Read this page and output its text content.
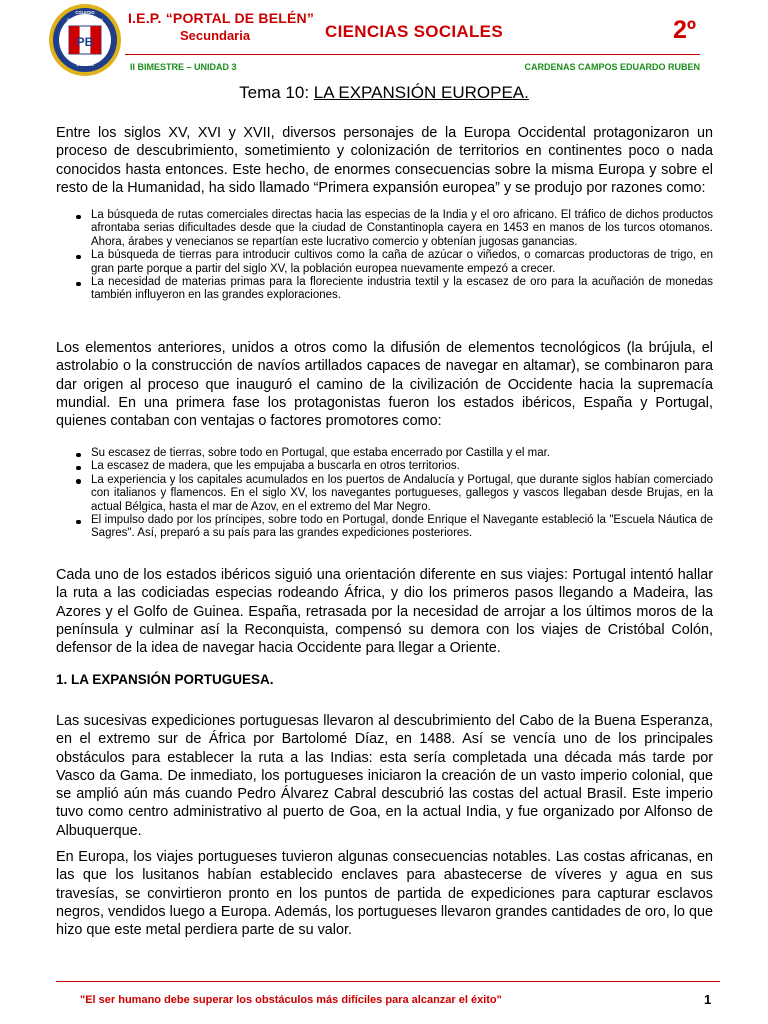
COLEGIO
PORTAL DE BELEN
PB
UGEL 03
I.E.P. “PORTAL DE BELÉN”
Secundaria	CIENCIAS SOCIALES	2º
II BIMESTRE – UNIDAD 3	CARDENAS CAMPOS EDUARDO RUBEN
Tema 10: LA EXPANSIÓN EUROPEA.

Entre los siglos XV, XVI y XVII, diversos personajes de la Europa Occidental protagonizaron un proceso de descubrimiento, sometimiento y colonización de territorios en continentes poco o nada conocidos hasta entonces. Este hecho, de enormes consecuencias sobre la misma Europa y sobre el resto de la Humanidad, ha sido llamado “Primera expansión europea” y se produjo por razones como:

La búsqueda de rutas comerciales directas hacia las especias de la India y el oro africano. El tráfico de dichos productos afrontaba serias dificultades desde que la ciudad de Constantinopla cayera en 1453 en manos de los turcos otomanos. Ahora, árabes y venecianos se repartían este lucrativo comercio y obtenían jugosas ganancias.
La búsqueda de tierras para introducir cultivos como la caña de azúcar o viñedos, o comarcas productoras de trigo, en gran parte porque a partir del siglo XV, la población europea nuevamente empezó a crecer.
La necesidad de materias primas para la floreciente industria textil y la escasez de oro para la acuñación de monedas también influyeron en las grandes exploraciones.

Los elementos anteriores, unidos a otros como la difusión de elementos tecnológicos (la brújula, el astrolabio o la construcción de navíos artillados capaces de navegar en altamar), se combinaron para dar origen al proceso que inauguró el camino de la civilización de Occidente hacia la supremacía mundial. En una primera fase los protagonistas fueron los estados ibéricos, España y Portugal, quienes contaban con ventajas o factores promotores como:

Su escasez de tierras, sobre todo en Portugal, que estaba encerrado por Castilla y el mar.
La escasez de madera, que les empujaba a buscarla en otros territorios.
La experiencia y los capitales acumulados en los puertos de Andalucía y Portugal, que durante siglos habían comerciado con italianos y flamencos. En el siglo XV, los navegantes portugueses, gallegos y vascos llegaban desde Brujas, en la actual Bélgica, hasta el mar de Azov, en el extremo del Mar Negro.
El impulso dado por los príncipes, sobre todo en Portugal, donde Enrique el Navegante estableció la "Escuela Náutica de Sagres". Así, preparó a su país para las grandes expediciones posteriores.

Cada uno de los estados ibéricos siguió una orientación diferente en sus viajes: Portugal intentó hallar la ruta a las codiciadas especias rodeando África, y dio los primeros pasos llegando a Madeira, las Azores y el Golfo de Guinea. España, retrasada por la necesidad de arrojar a los últimos moros de la península y culminar así la Reconquista, compensó su demora con los viajes de Cristóbal Colón, defensor de la idea de navegar hacia Occidente para llegar a Oriente.

1. LA EXPANSIÓN PORTUGUESA.

Las sucesivas expediciones portuguesas llevaron al descubrimiento del Cabo de la Buena Esperanza, en el extremo sur de África por Bartolomé Díaz, en 1488. Así se vencía uno de los principales obstáculos para establecer la ruta a las Indias: esta sería completada una década más tarde por Vasco da Gama. De inmediato, los portugueses iniciaron la creación de un vasto imperio colonial, que se amplió aún más cuando Pedro Álvarez Cabral descubrió las costas del actual Brasil. Este imperio tuvo como centro administrativo al puerto de Goa, en la actual India, y fue organizado por Alfonso de Albuquerque.

En Europa, los viajes portugueses tuvieron algunas consecuencias notables. Las costas africanas, en las que los lusitanos habían establecido enclaves para abastecerse de víveres y agua en sus travesías, se convirtieron pronto en los puntos de partida de expediciones para capturar esclavos negros, vendidos luego a Europa. Además, los portugueses llevaron grandes cantidades de oro, lo que hizo que este metal perdiera parte de su valor.

"El ser humano debe superar los obstáculos más difíciles para alcanzar el éxito"	1
